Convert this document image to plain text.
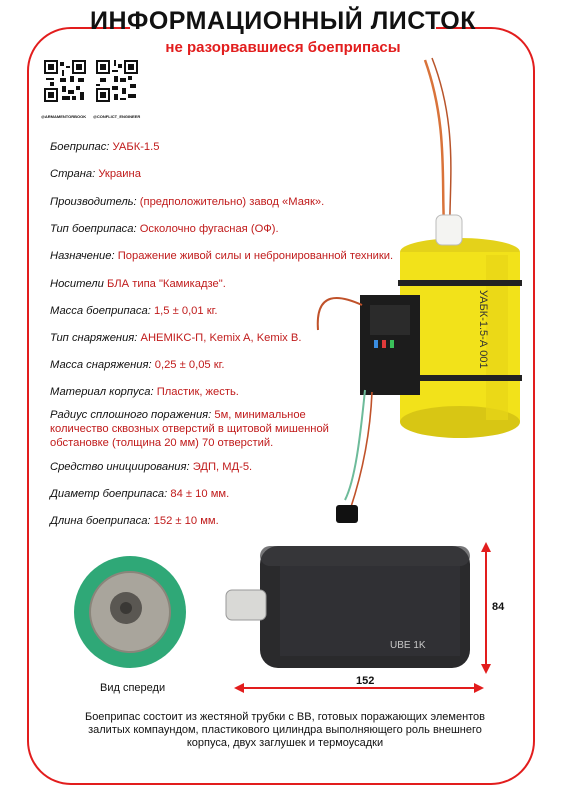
ИНФОРМАЦИОННЫЙ ЛИСТОК
не разорвавшиеся боеприпасы
@ARMAMENTORBOOK @CONFLICT_ENGINEER
Боеприпас: УАБК-1.5
Страна: Украина
Производитель: (предположительно) завод «Маяк».
Тип боеприпаса: Осколочно фугасная (ОФ).
Назначение: Поражение живой силы и небронированной техники.
Носители БЛА типа "Камикадзе".
Масса боеприпаса: 1,5 ± 0,01 кг.
Тип снаряжения: AHEMIKC-П, Kemix A, Kemix B.
Масса снаряжения: 0,25 ± 0,05 кг.
Материал корпуса: Пластик, жесть.
Радиус сплошного поражения: 5м, минимальное
количество сквозных отверстий в щитовой мишенной
обстановке (толщина 20 мм) 70 отверстий.
Средство инициирования: ЭДП, МД-5.
Диаметр боеприпаса: 84 ± 10 мм.
Длина боеприпаса: 152 ± 10 мм.
УАБК-1.5-А 001
Вид спереди
UBE 1K
84
152
Боеприпас состоит из жестяной трубки с ВВ, готовых поражающих элементов
залитых компаундом, пластикового цилиндра выполняющего роль внешнего
корпуса, двух заглушек и термоусадки
